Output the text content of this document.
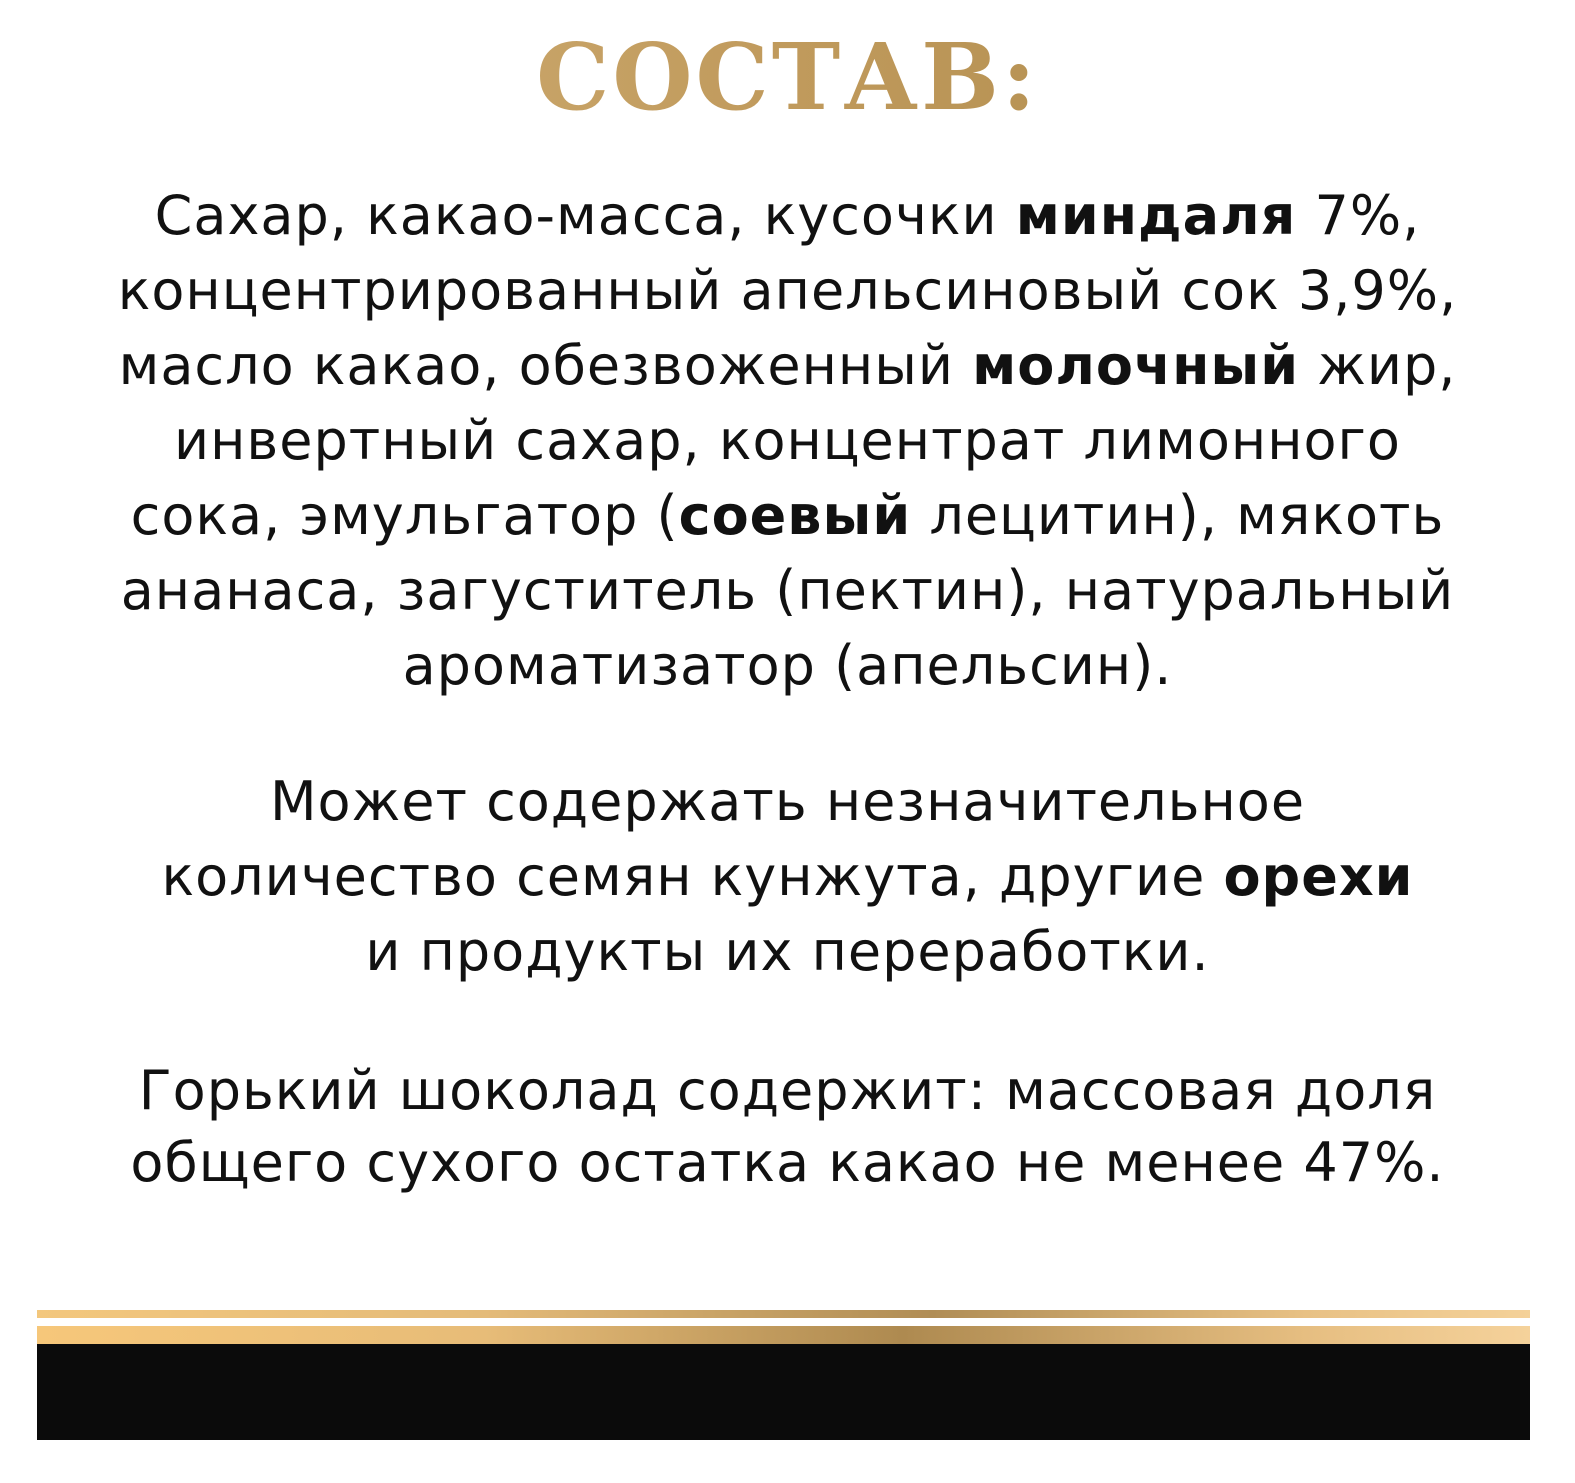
СОСТАВ:

Сахар, какао-масса, кусочки миндаля 7%,
концентрированный апельсиновый сок 3,9%,
масло какао, обезвоженный молочный жир,
инвертный сахар, концентрат лимонного
сока, эмульгатор (соевый лецитин), мякоть
ананаса, загуститель (пектин), натуральный
ароматизатор (апельсин).

Может содержать незначительное
количество семян кунжута, другие орехи
и продукты их переработки.

Горький шоколад содержит: массовая доля
общего сухого остатка какао не менее 47%.
